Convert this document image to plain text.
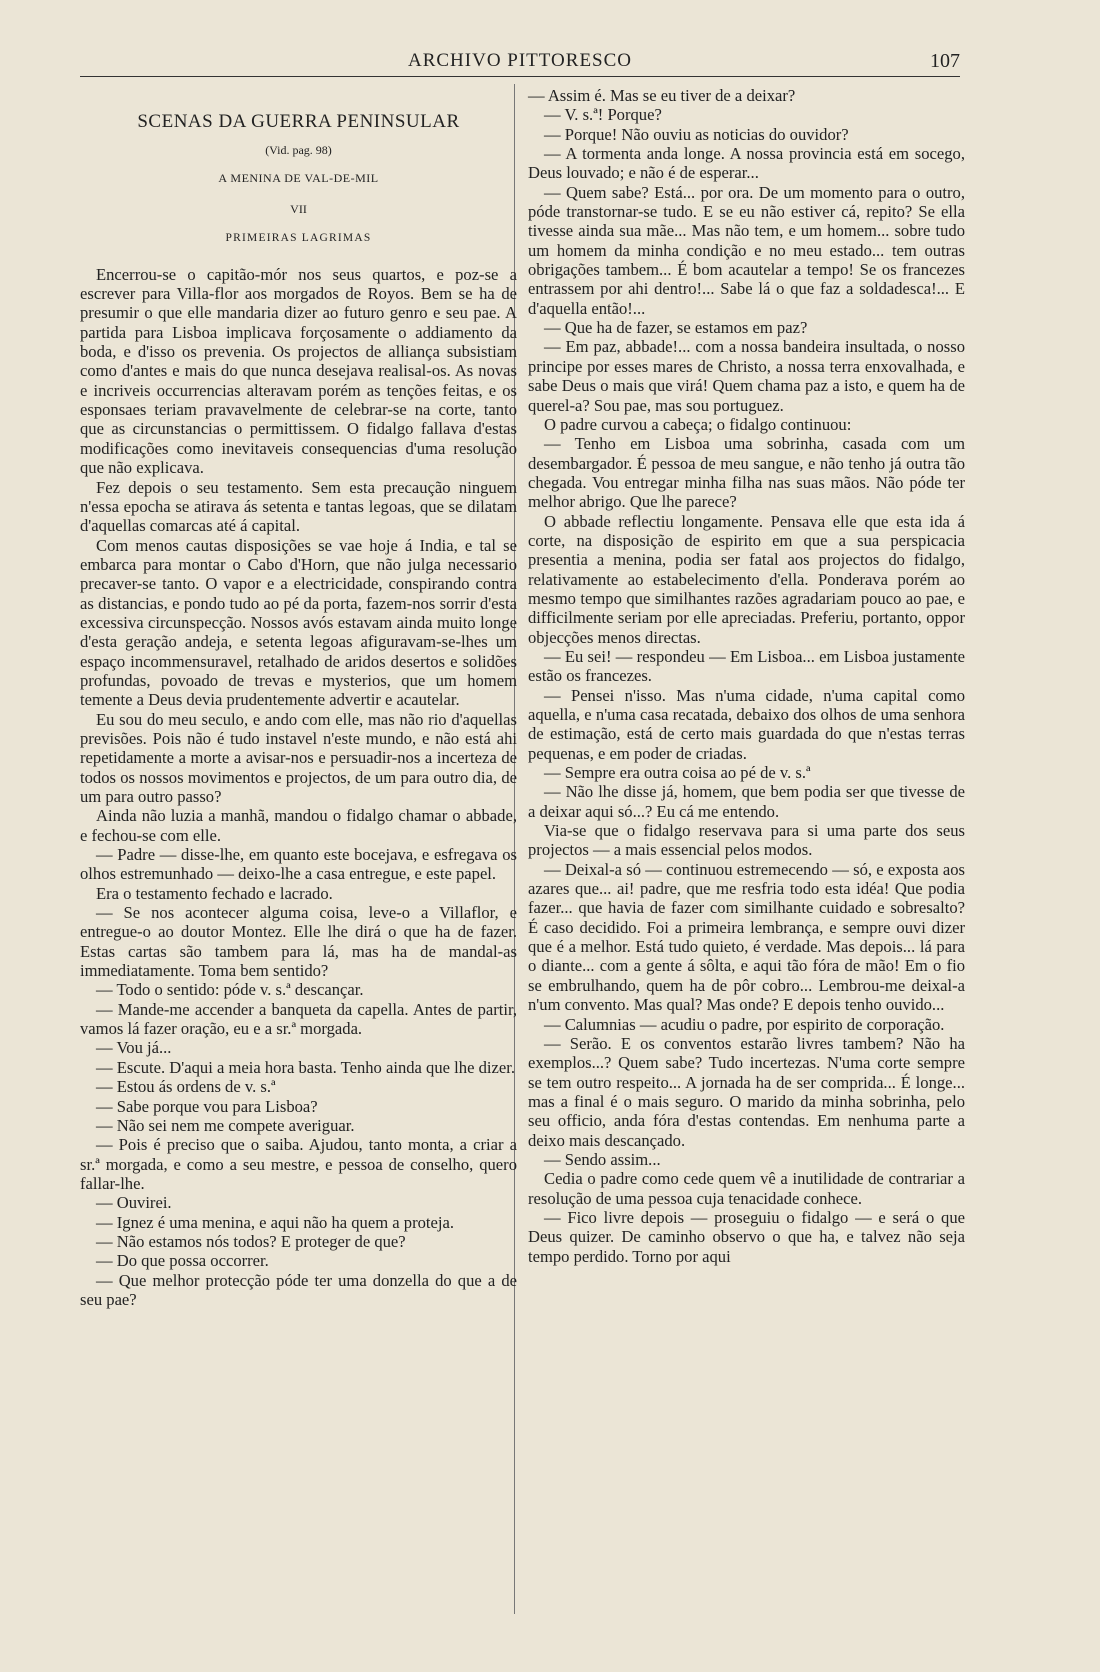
ARCHIVO PITTORESCO	107
SCENAS DA GUERRA PENINSULAR
(Vid. pag. 98)
A MENINA DE VAL-DE-MIL
VII
PRIMEIRAS LAGRIMAS

Encerrou-se o capitão-mór nos seus quartos, e poz-se a escrever para Villa-flor aos morgados de Royos. Bem se ha de presumir o que elle mandaria dizer ao futuro genro e seu pae. A partida para Lisboa implicava forçosamente o addiamento da boda, e d'isso os prevenia. Os projectos de alliança subsistiam como d'antes e mais do que nunca desejava realisal-os. As novas e incriveis occurrencias alteravam porém as tenções feitas, e os esponsaes teriam pravavelmente de celebrar-se na corte, tanto que as circunstancias o permittissem. O fidalgo fallava d'estas modificações como inevitaveis consequencias d'uma resolução que não explicava.

Fez depois o seu testamento. Sem esta precaução ninguem n'essa epocha se atirava ás setenta e tantas legoas, que se dilatam d'aquellas comarcas até á capital.

Com menos cautas disposições se vae hoje á India, e tal se embarca para montar o Cabo d'Horn, que não julga necessario precaver-se tanto. O vapor e a electricidade, conspirando contra as distancias, e pondo tudo ao pé da porta, fazem-nos sorrir d'esta excessiva circunspecção. Nossos avós estavam ainda muito longe d'esta geração andeja, e setenta legoas afiguravam-se-lhes um espaço incommensuravel, retalhado de aridos desertos e solidões profundas, povoado de trevas e mysterios, que um homem tementе a Deus devia prudentemente advertir e acautelar.

Eu sou do meu seculo, e ando com elle, mas não rio d'aquellas previsões. Pois não é tudo instavel n'este mundo, e não está ahi repetidamente a morte a avisar-nos e persuadir-nos a incerteza de todos os nossos movimentos e projectos, de um para outro dia, de um para outro passo?

Ainda não luzia a manhã, mandou o fidalgo chamar o abbade, e fechou-se com elle.

— Padre — disse-lhe, em quanto este bocejava, e esfregava os olhos estremunhado — deixo-lhe a casa entregue, e este papel.

Era o testamento fechado e lacrado.

— Se nos acontecer alguma coisa, leve-o a Villaflor, e entregue-o ao doutor Montez. Elle lhe dirá o que ha de fazer. Estas cartas são tambem para lá, mas ha de mandal-as immediatamente. Toma bem sentido?

— Todo o sentido: póde v. s.ª descançar.

— Mande-me accender a banqueta da capella. Antes de partir, vamos lá fazer oração, eu e a sr.ª morgada.

— Vou já...

— Escute. D'aqui a meia hora basta. Tenho ainda que lhe dizer.

— Estou ás ordens de v. s.ª

— Sabe porque vou para Lisboa?

— Não sei nem me compete averiguar.

— Pois é preciso que o saiba. Ajudou, tanto monta, a criar a sr.ª morgada, e como a seu mestre, e pessoa de conselho, quero fallar-lhe.

— Ouvirei.

— Ignez é uma menina, e aqui não ha quem a proteja.

— Não estamos nós todos? E proteger de que?

— Do que possa occorrer.

— Que melhor protecção póde ter uma donzella do que a de seu pae?

— Assim é. Mas se eu tiver de a deixar?

— V. s.ª! Porque?

— Porque! Não ouviu as noticias do ouvidor?

— A tormenta anda longe. A nossa provincia está em socego, Deus louvado; e não é de esperar...

— Quem sabe? Está... por ora. De um momento para o outro, póde transtornar-se tudo. E se eu não estiver cá, repito? Se ella tivesse ainda sua mãe... Mas não tem, e um homem... sobre tudo um homem da minha condição e no meu estado... tem outras obrigações tambem... É bom acautelar a tempo! Se os francezes entrassem por ahi dentro!... Sabe lá o que faz a soldadesca!... E d'aquella então!...

— Que ha de fazer, se estamos em paz?

— Em paz, abbade!... com a nossa bandeira insultada, o nosso principe por esses mares de Christo, a nossa terra enxovalhada, e sabe Deus o mais que virá! Quem chama paz a isto, e quem ha de querel-a? Sou pae, mas sou portuguez.

O padre curvou a cabeça; o fidalgo continuou:

— Tenho em Lisboa uma sobrinha, casada com um desembargador. É pessoa de meu sangue, e não tenho já outra tão chegada. Vou entregar minha filha nas suas mãos. Não póde ter melhor abrigo. Que lhe parece?

O abbade reflectiu longamente. Pensava elle que esta ida á corte, na disposição de espirito em que a sua perspicacia presentia a menina, podia ser fatal aos projectos do fidalgo, relativamente ao estabelecimento d'ella. Ponderava porém ao mesmo tempo que similhantes razões agradariam pouco ao pae, e difficilmente seriam por elle apreciadas. Preferiu, portanto, oppor objecções menos directas.

— Eu sei! — respondeu — Em Lisboa... em Lisboa justamente estão os francezes.

— Pensei n'isso. Mas n'uma cidade, n'uma capital como aquella, e n'uma casa recatada, debaixo dos olhos de uma senhora de estimação, está de certo mais guardada do que n'estas terras pequenas, e em poder de criadas.

— Sempre era outra coisa ao pé de v. s.ª

— Não lhe disse já, homem, que bem podia ser que tivesse de a deixar aqui só...? Eu cá me entendo.

Via-se que o fidalgo reservava para si uma parte dos seus projectos — a mais essencial pelos modos.

— Deixal-a só — continuou estremecendo — só, e exposta aos azares que... ai! padre, que me resfria todo esta idéa! Que podia fazer... que havia de fazer com similhante cuidado e sobresalto? É caso decidido. Foi a primeira lembrança, e sempre ouvi dizer que é a melhor. Está tudo quieto, é verdade. Mas depois... lá para o diante... com a gente á sôlta, e aqui tão fóra de mão! Em o fio se embrulhando, quem ha de pôr cobro... Lembrou-me deixal-a n'um convento. Mas qual? Mas onde? E depois tenho ouvido...

— Calumnias — acudiu o padre, por espirito de corporação.

— Serão. E os conventos estarão livres tambem? Não ha exemplos...? Quem sabe? Tudo incertezas. N'uma corte sempre se tem outro respeito... A jornada ha de ser comprida... É longe... mas a final é o mais seguro. O marido da minha sobrinha, pelo seu officio, anda fóra d'estas contendas. Em nenhuma parte a deixo mais descançado.

— Sendo assim...

Cedia o padre como cede quem vê a inutilidade de contrariar a resolução de uma pessoa cuja tenacidade conhece.

— Fico livre depois — proseguiu o fidalgo — e será o que Deus quizer. De caminho observo o que ha, e talvez não seja tempo perdido. Torno por aqui
